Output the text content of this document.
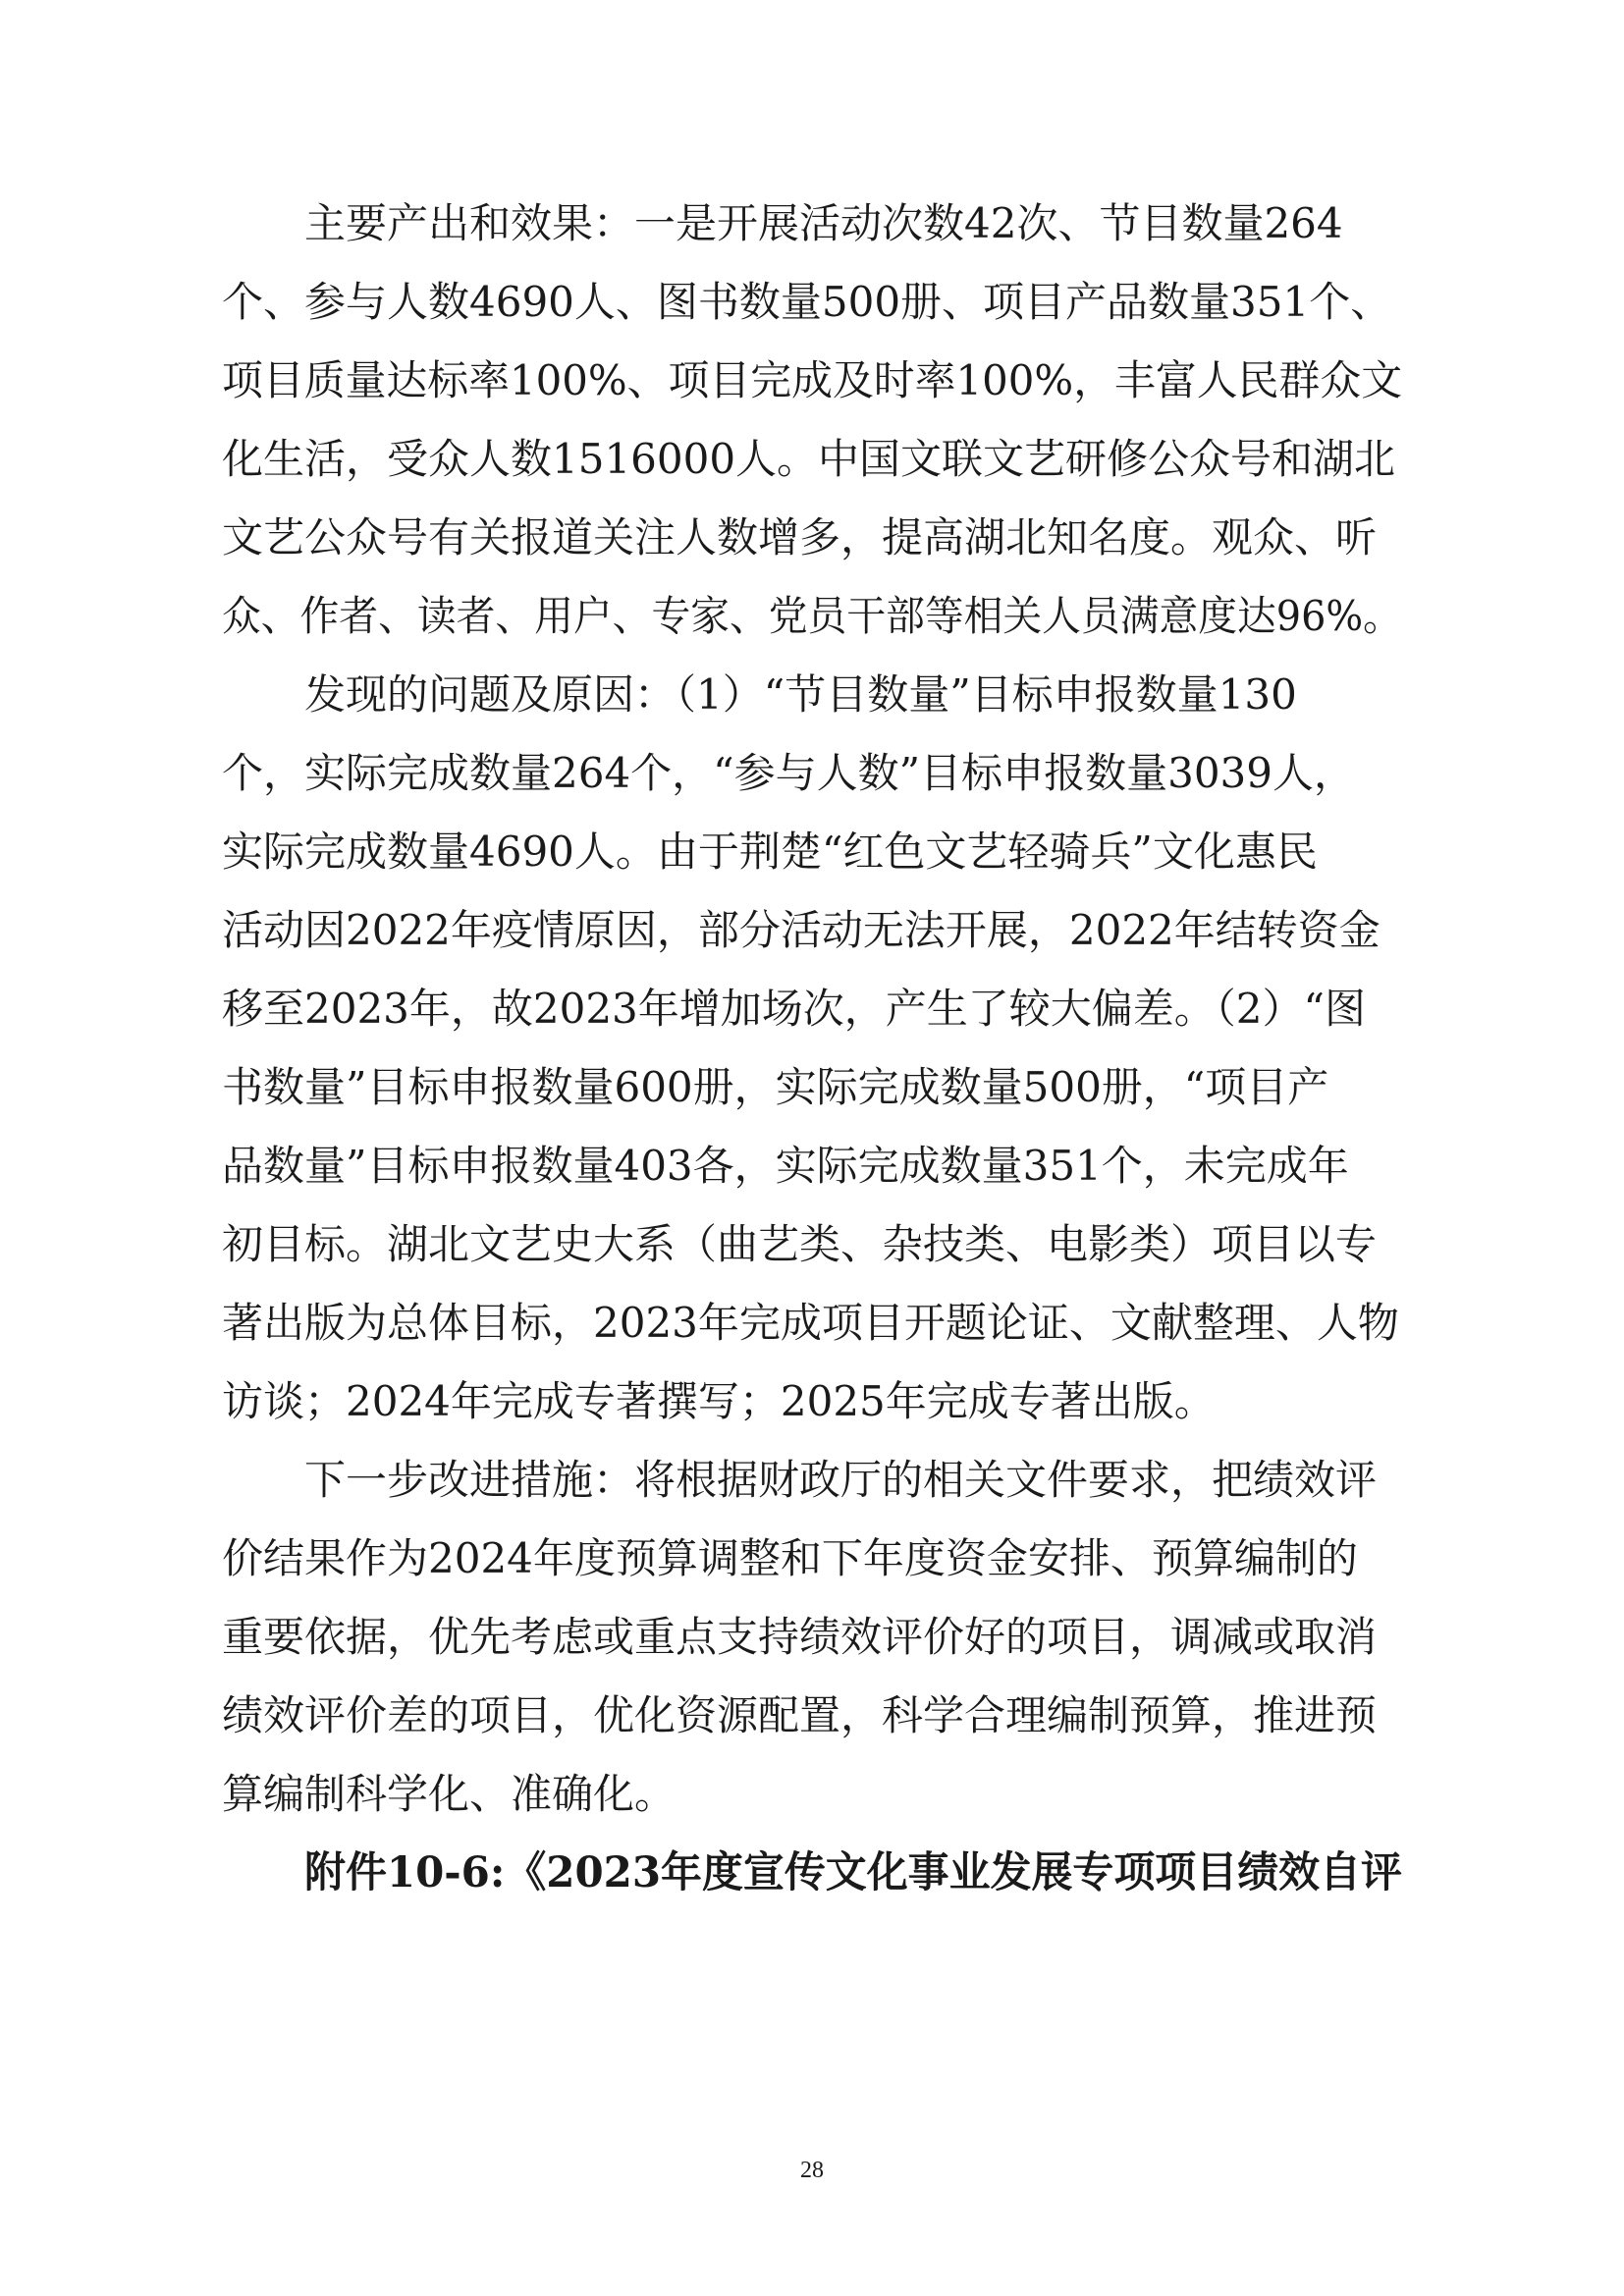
主要产出和效果：一是开展活动次数42次、节目数量264
个、参与人数4690人、图书数量500册、项目产品数量351个、
项目质量达标率100%、项目完成及时率100%，丰富人民群众文
化生活，受众人数1516000人。中国文联文艺研修公众号和湖北
文艺公众号有关报道关注人数增多，提高湖北知名度。观众、听
众、作者、读者、用户、专家、党员干部等相关人员满意度达96%。
发现的问题及原因：（1）“节目数量”目标申报数量130
个，实际完成数量264个，“参与人数”目标申报数量3039人，
实际完成数量4690人。由于荆楚“红色文艺轻骑兵”文化惠民
活动因2022年疫情原因，部分活动无法开展，2022年结转资金
移至2023年，故2023年增加场次，产生了较大偏差。（2）“图
书数量”目标申报数量600册，实际完成数量500册，“项目产
品数量”目标申报数量403各，实际完成数量351个，未完成年
初目标。湖北文艺史大系（曲艺类、杂技类、电影类）项目以专
著出版为总体目标，2023年完成项目开题论证、文献整理、人物
访谈；2024年完成专著撰写；2025年完成专著出版。
下一步改进措施：将根据财政厅的相关文件要求，把绩效评
价结果作为2024年度预算调整和下年度资金安排、预算编制的
重要依据，优先考虑或重点支持绩效评价好的项目，调减或取消
绩效评价差的项目，优化资源配置，科学合理编制预算，推进预
算编制科学化、准确化。
附件10-6:《2023年度宣传文化事业发展专项项目绩效自评
28
